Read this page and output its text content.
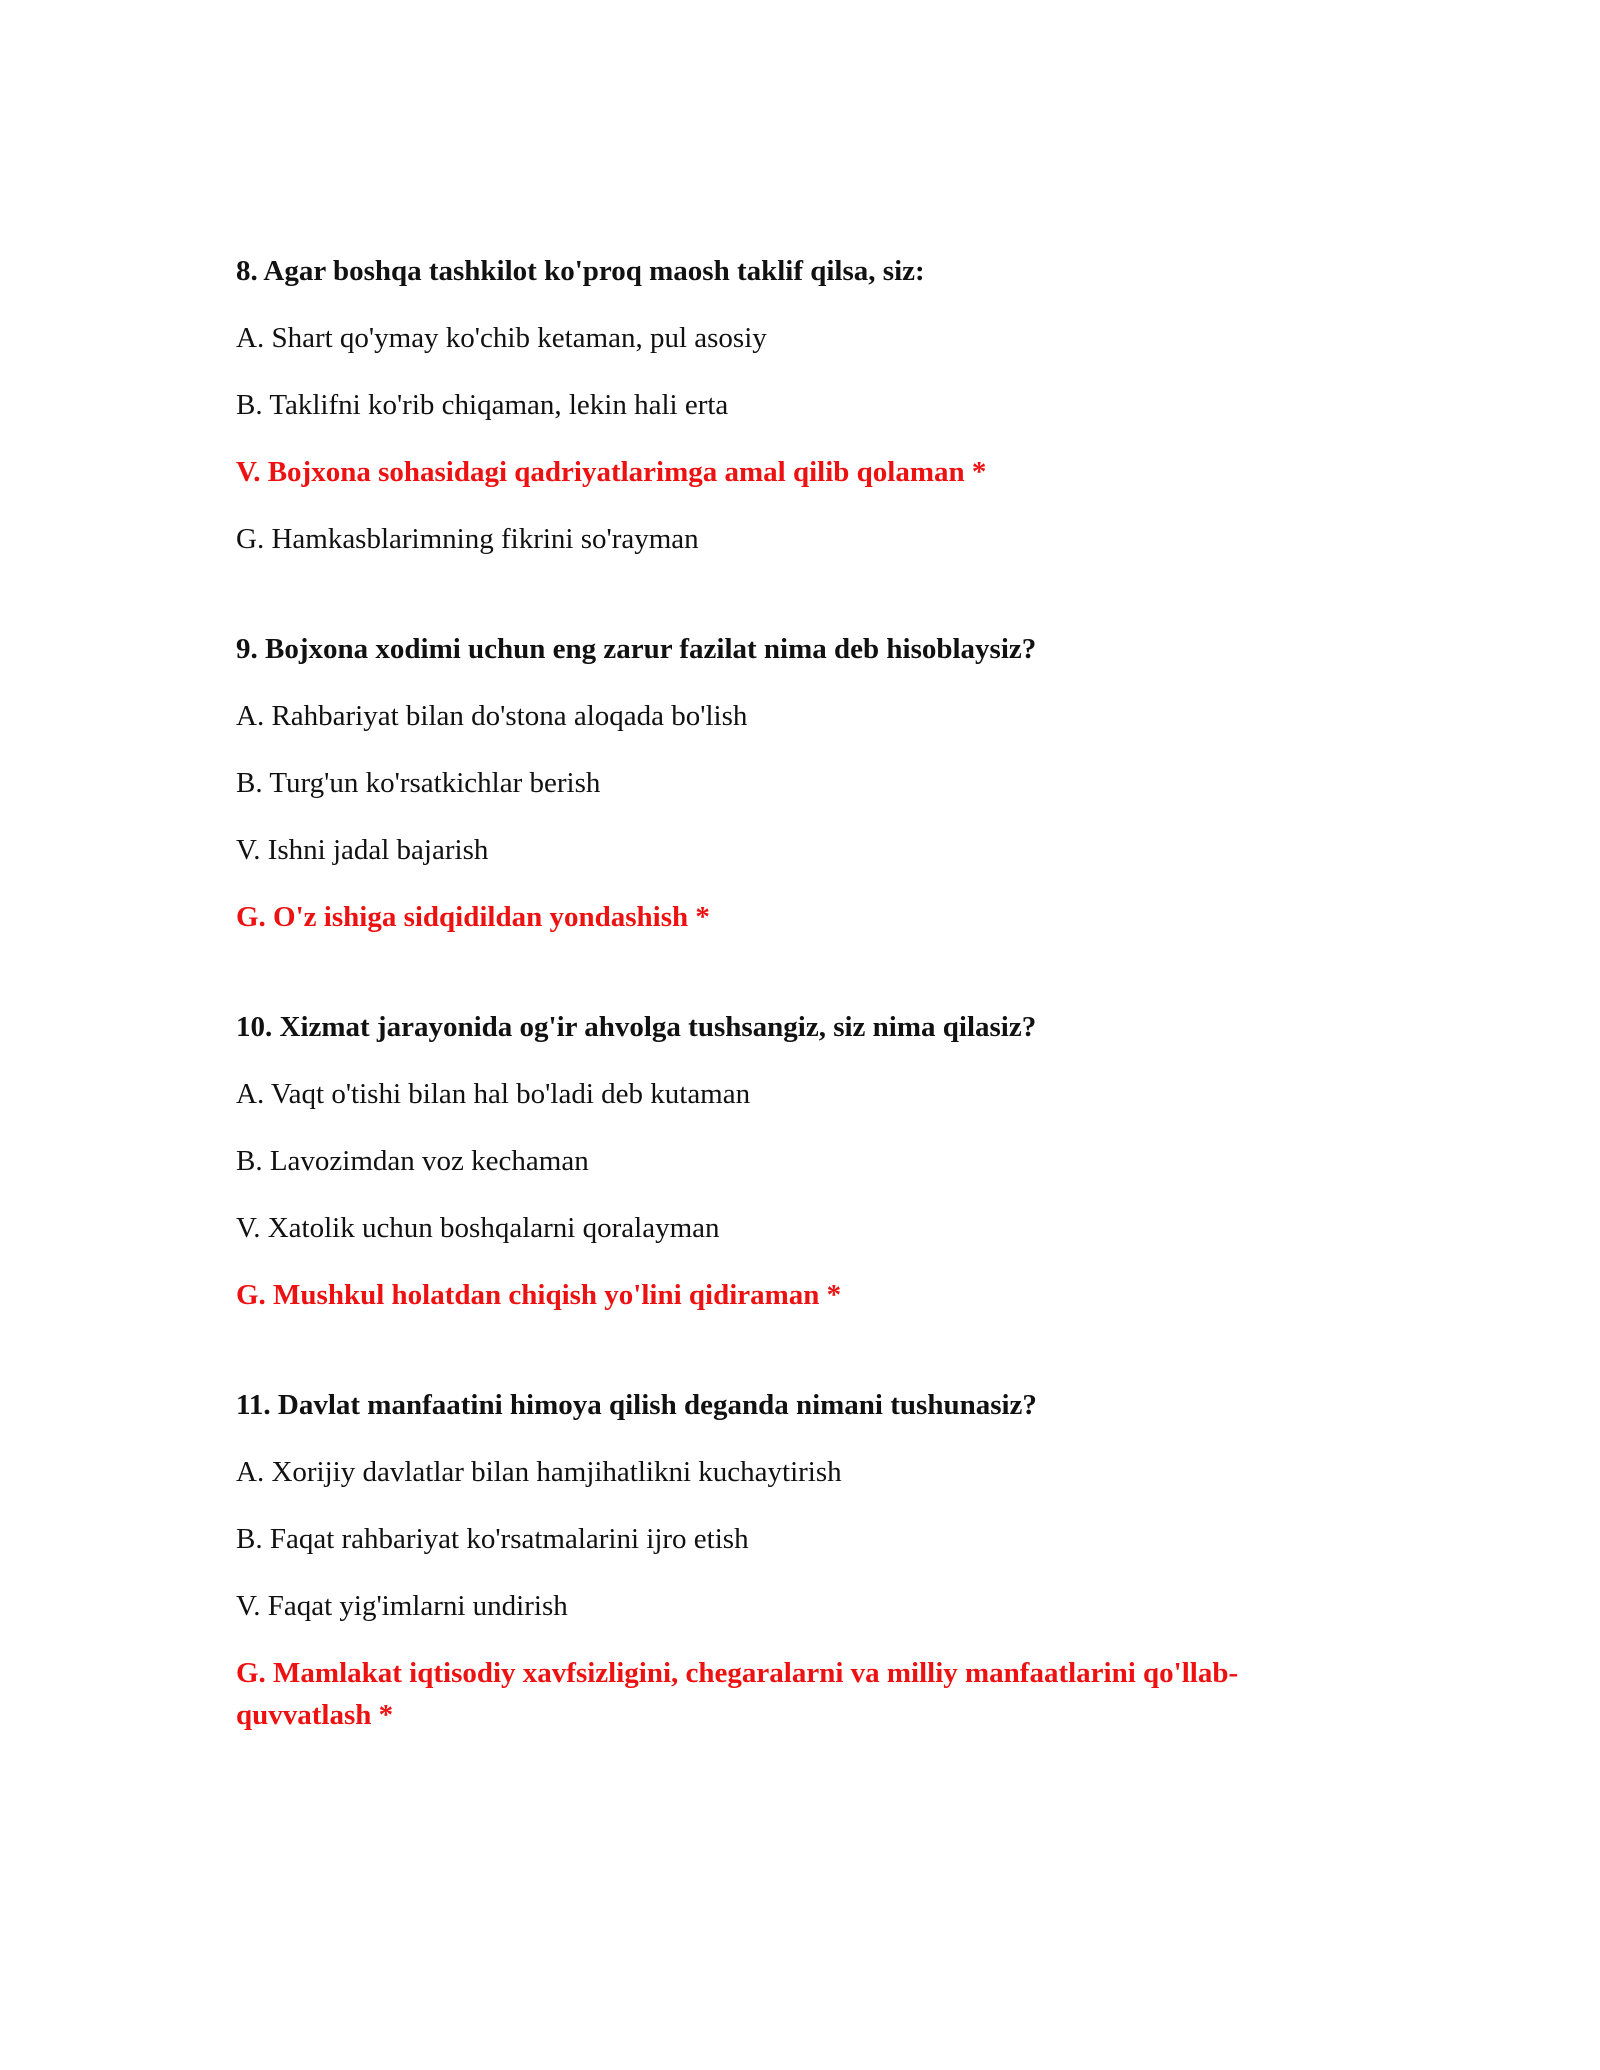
8. Agar boshqa tashkilot ko'proq maosh taklif qilsa, siz:
A. Shart qo'ymay ko'chib ketaman, pul asosiy
B. Taklifni ko'rib chiqaman, lekin hali erta
V. Bojxona sohasidagi qadriyatlarimga amal qilib qolaman *
G. Hamkasblarimning fikrini so'rayman
9. Bojxona xodimi uchun eng zarur fazilat nima deb hisoblaysiz?
A. Rahbariyat bilan do'stona aloqada bo'lish
B. Turg'un ko'rsatkichlar berish
V. Ishni jadal bajarish
G. O'z ishiga sidqidildan yondashish *
10. Xizmat jarayonida og'ir ahvolga tushsangiz, siz nima qilasiz?
A. Vaqt o'tishi bilan hal bo'ladi deb kutaman
B. Lavozimdan voz kechaman
V. Xatolik uchun boshqalarni qoralayman
G. Mushkul holatdan chiqish yo'lini qidiraman *
11. Davlat manfaatini himoya qilish deganda nimani tushunasiz?
A. Xorijiy davlatlar bilan hamjihatlikni kuchaytirish
B. Faqat rahbariyat ko'rsatmalarini ijro etish
V. Faqat yig'imlarni undirish
G. Mamlakat iqtisodiy xavfsizligini, chegaralarni va milliy manfaatlarini qo'llab-quvvatlash *
